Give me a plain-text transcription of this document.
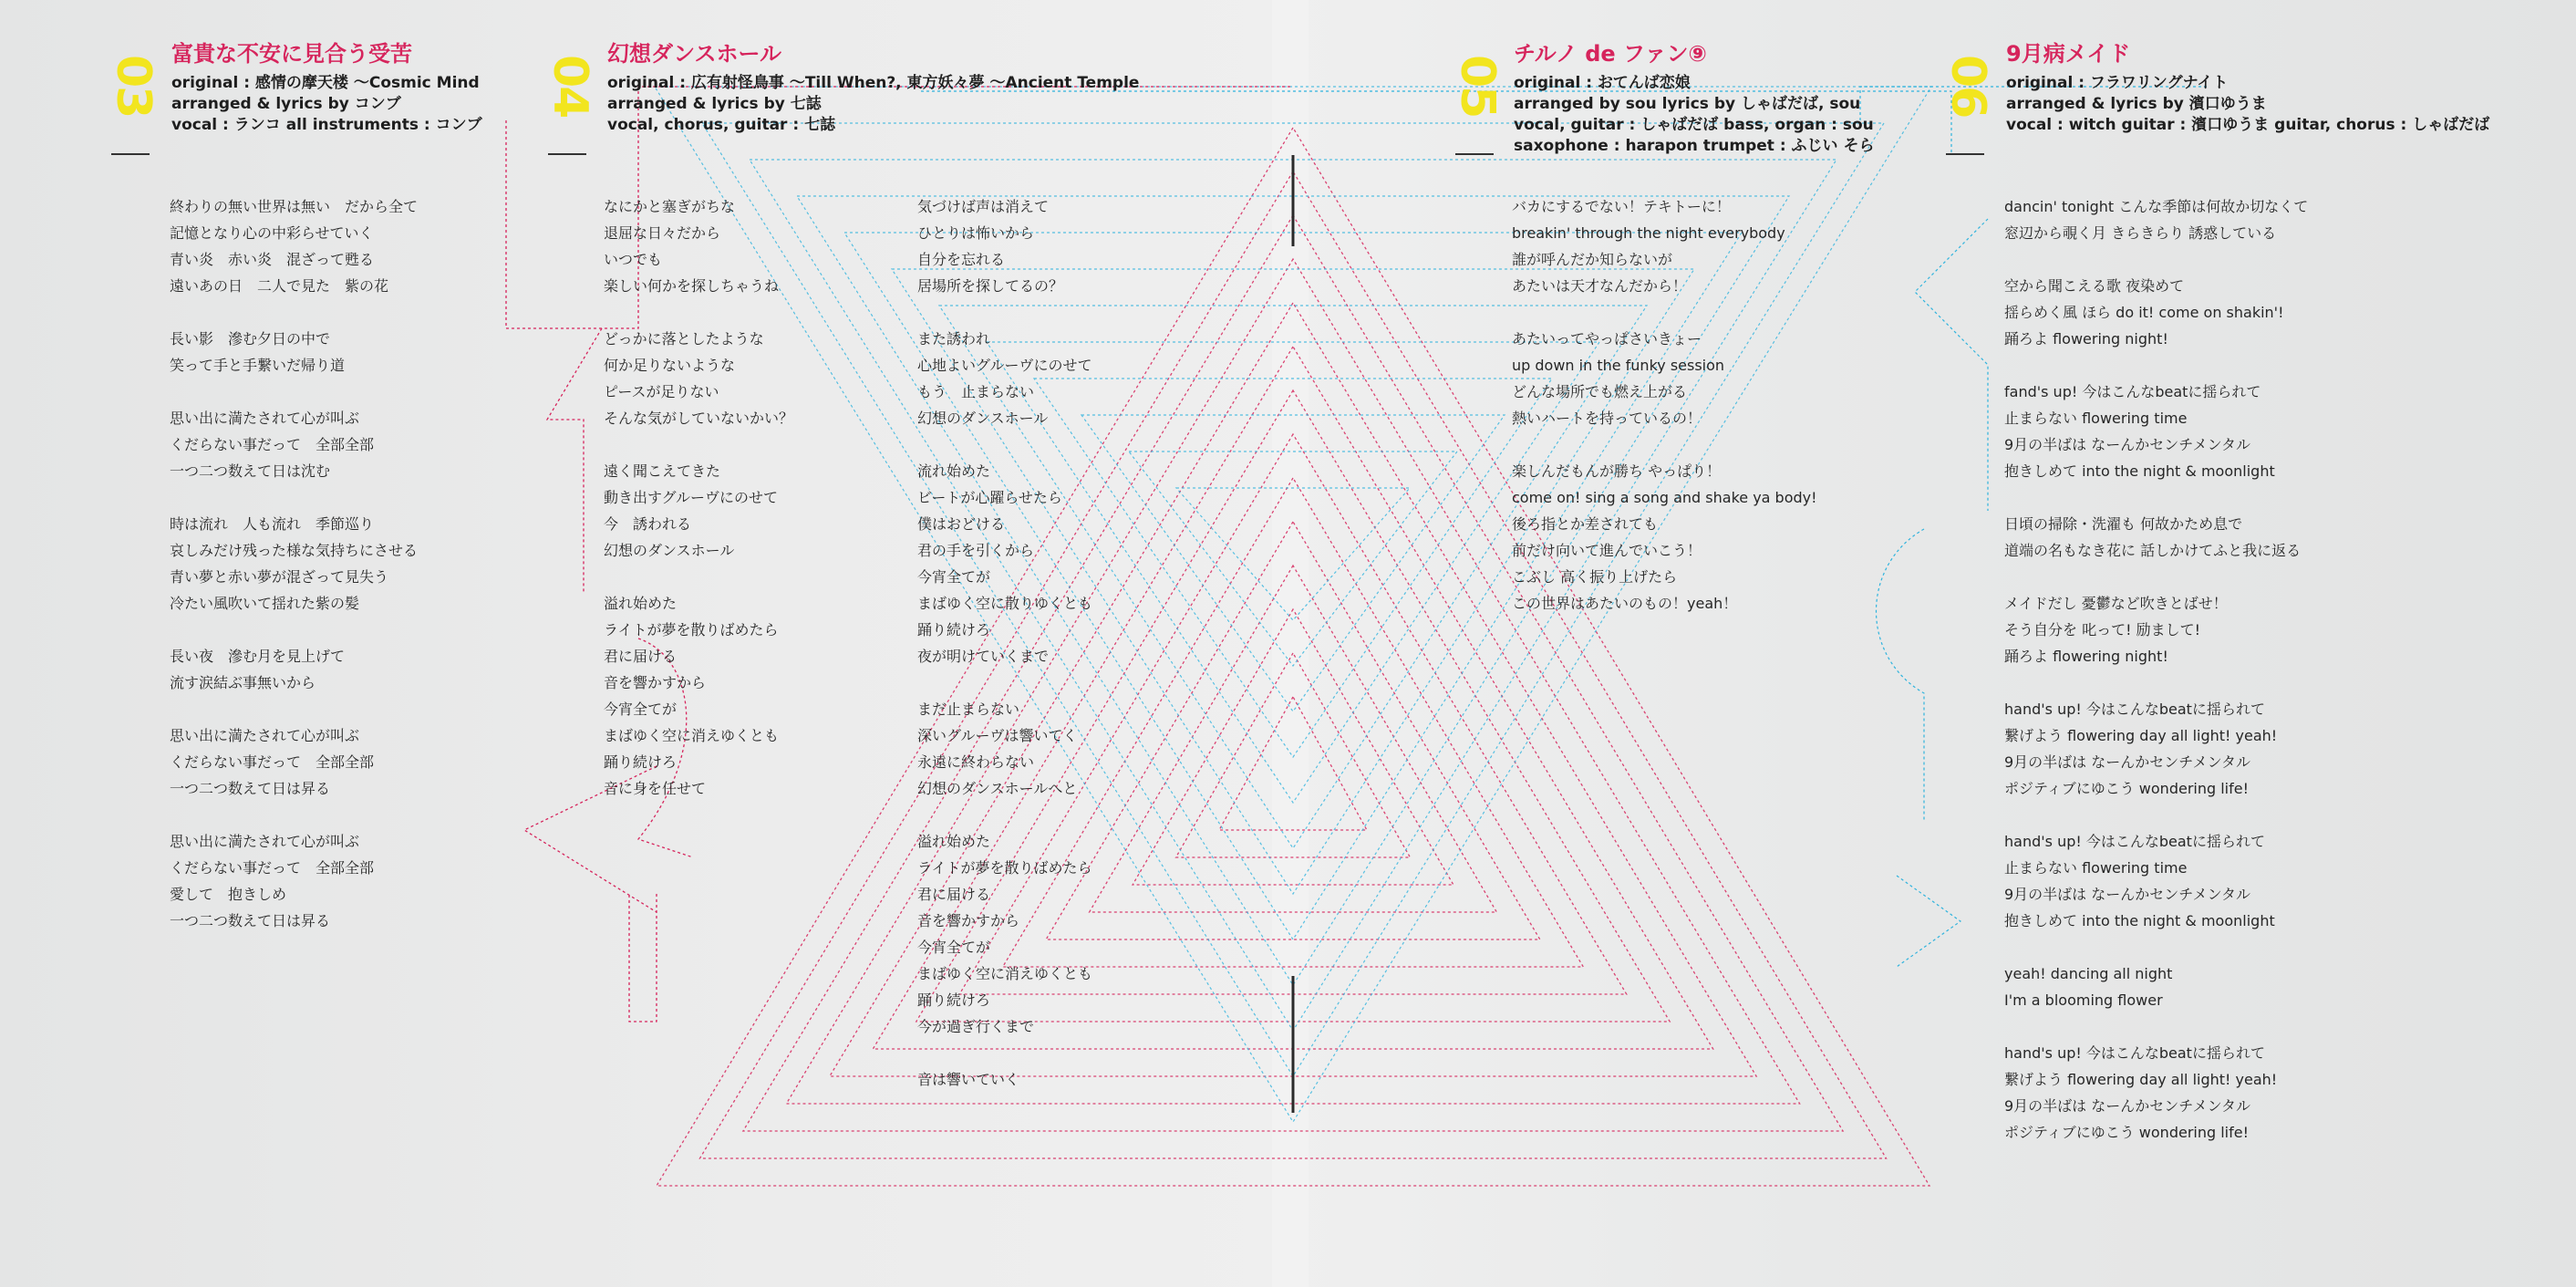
03
富貴な不安に見合う受苦
original : 感情の摩天楼 ～Cosmic Mind
arranged & lyrics by コンブ
vocal : ランコ all instruments : コンブ
終わりの無い世界は無い　だから全て
記憶となり心の中彩らせていく
青い炎　赤い炎　混ざって甦る
遠いあの日　二人で見た　紫の花
長い影　滲む夕日の中で
笑って手と手繋いだ帰り道
思い出に満たされて心が叫ぶ
くだらない事だって　全部全部
一つ二つ数えて日は沈む
時は流れ　人も流れ　季節巡り
哀しみだけ残った様な気持ちにさせる
青い夢と赤い夢が混ざって見失う
冷たい風吹いて揺れた紫の髪
長い夜　滲む月を見上げて
流す涙結ぶ事無いから
思い出に満たされて心が叫ぶ
くだらない事だって　全部全部
一つ二つ数えて日は昇る
思い出に満たされて心が叫ぶ
くだらない事だって　全部全部
愛して　抱きしめ
一つ二つ数えて日は昇る
04
幻想ダンスホール
original : 広有射怪鳥事 ～Till When?, 東方妖々夢 ～Ancient Temple
arranged & lyrics by 七誌
vocal, chorus, guitar : 七誌
なにかと塞ぎがちな
退屈な日々だから
いつでも
楽しい何かを探しちゃうね
どっかに落としたような
何か足りないような
ピースが足りない
そんな気がしていないかい？
遠く聞こえてきた
動き出すグルーヴにのせて
今　誘われる
幻想のダンスホール
溢れ始めた
ライトが夢を散りばめたら
君に届ける
音を響かすから
今宵全てが
まばゆく空に消えゆくとも
踊り続けろ
音に身を任せて
気づけば声は消えて
ひとりは怖いから
自分を忘れる
居場所を探してるの？
また誘われ
心地よいグルーヴにのせて
もう　止まらない
幻想のダンスホール
流れ始めた
ビートが心躍らせたら
僕はおどける
君の手を引くから
今宵全てが
まばゆく空に散りゆくとも
踊り続けろ
夜が明けていくまで
まだ止まらない
深いグルーヴは響いてく
永遠に終わらない
幻想のダンスホールへと
溢れ始めた
ライトが夢を散りばめたら
君に届ける
音を響かすから
今宵全てが
まばゆく空に消えゆくとも
踊り続けろ
今が過ぎ行くまで
音は響いていく
05
チルノ de ファン⑨
original : おてんば恋娘
arranged by sou lyrics by しゃばだば, sou
vocal, guitar : しゃばだば bass, organ : sou
saxophone : harapon trumpet : ふじい そら
バカにするでない！テキトーに！
breakin' through the night everybody
誰が呼んだか知らないが
あたいは天才なんだから！
あたいってやっぱさいきょー
up down in the funky session
どんな場所でも燃え上がる
熱いハートを持っているの！
楽しんだもんが勝ち やっぱり！
come on! sing a song and shake ya body!
後ろ指とか差されても
前だけ向いて進んでいこう！
こぶし 高く振り上げたら
この世界はあたいのもの！yeah！
06
9月病メイド
original : フラワリングナイト
arranged & lyrics by 濱口ゆうま
vocal : witch guitar : 濱口ゆうま guitar, chorus : しゃばだば
dancin' tonight こんな季節は何故か切なくて
窓辺から覗く月 きらきらり 誘惑している
空から聞こえる歌 夜染めて
揺らめく風 ほら do it! come on shakin'!
踊ろよ flowering night!
fand's up! 今はこんなbeatに揺られて
止まらない flowering time
9月の半ばは なーんかセンチメンタル
抱きしめて into the night & moonlight
日頃の掃除・洗濯も 何故かため息で
道端の名もなき花に 話しかけてふと我に返る
メイドだし 憂鬱など吹きとばせ！
そう自分を 叱って! 励まして!
踊ろよ flowering night!
hand's up! 今はこんなbeatに揺られて
繋げよう flowering day all light! yeah!
9月の半ばは なーんかセンチメンタル
ポジティブにゆこう wondering life!
hand's up! 今はこんなbeatに揺られて
止まらない flowering time
9月の半ばは なーんかセンチメンタル
抱きしめて into the night & moonlight
yeah! dancing all night
I'm a blooming flower
hand's up! 今はこんなbeatに揺られて
繋げよう flowering day all light! yeah!
9月の半ばは なーんかセンチメンタル
ポジティブにゆこう wondering life!
